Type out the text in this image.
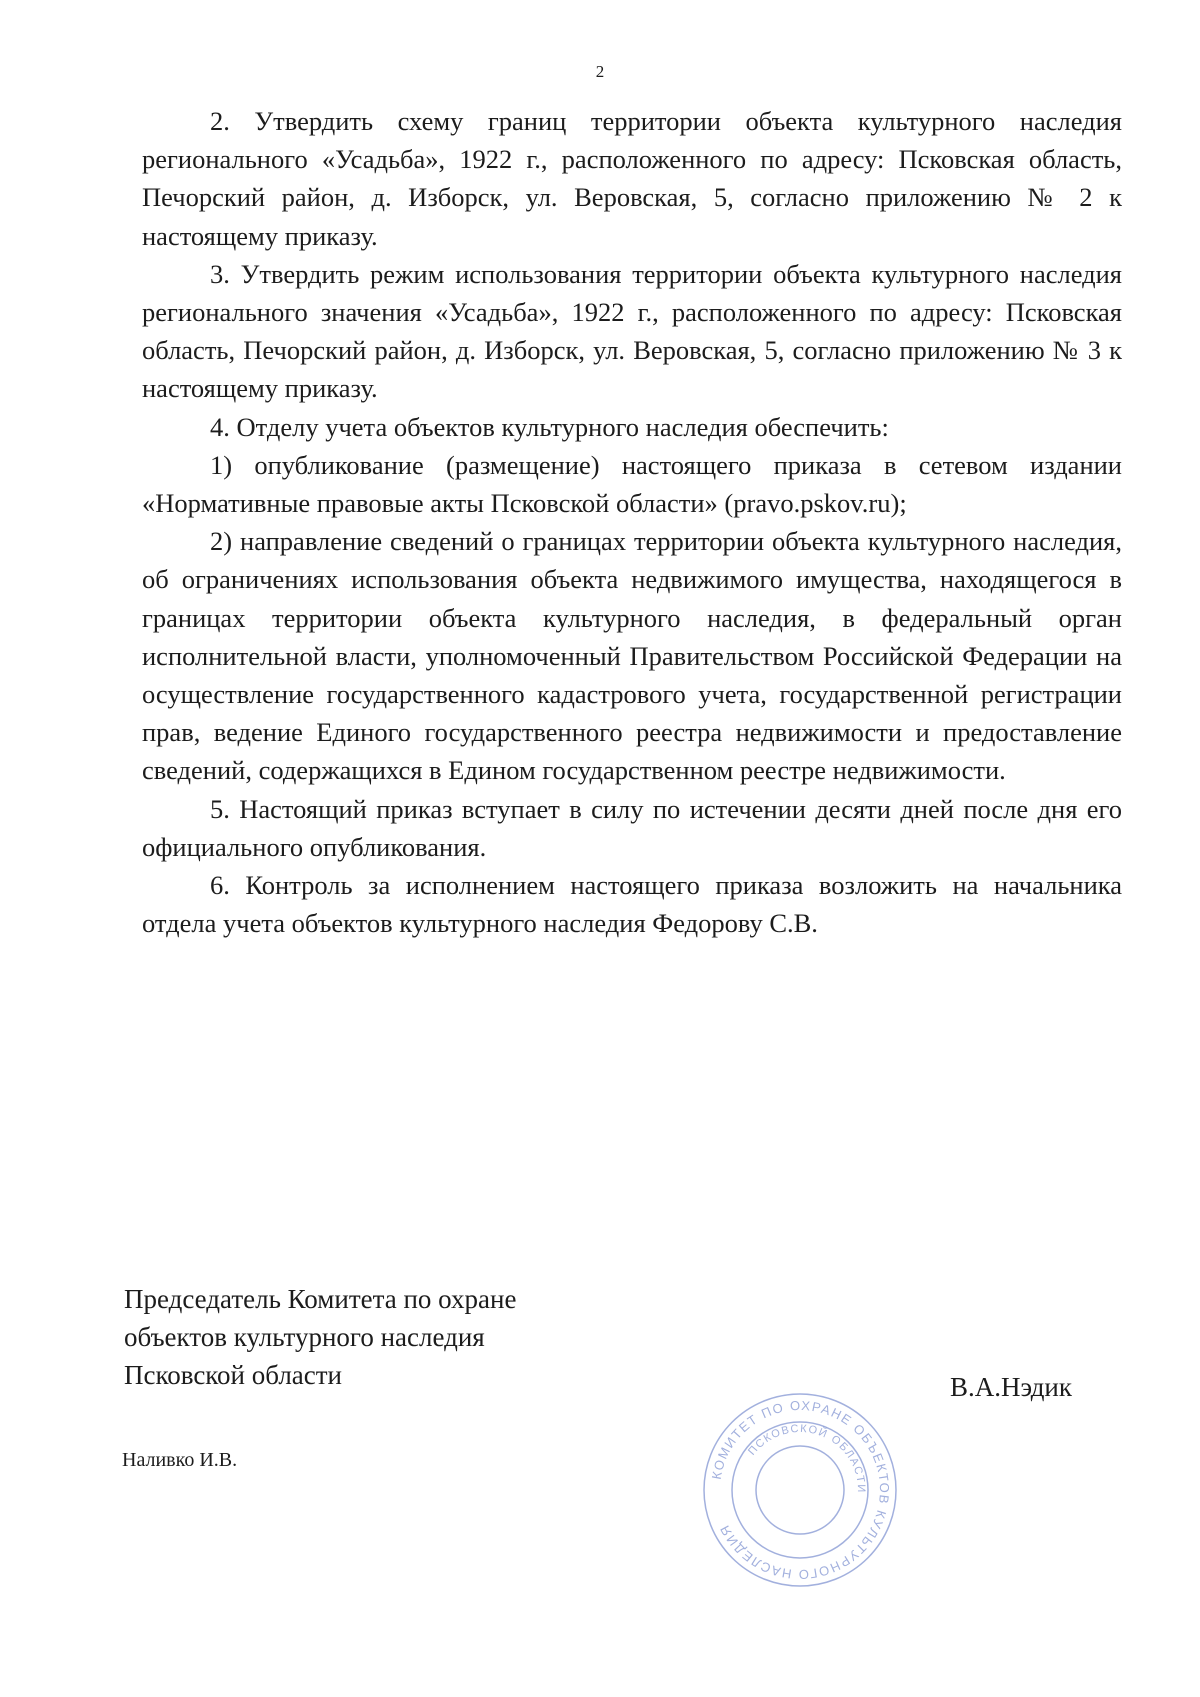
2

2. Утвердить схему границ территории объекта культурного наследия регионального «Усадьба», 1922 г., расположенного по адресу: Псковская область, Печорский район, д. Изборск, ул. Веровская, 5, согласно приложению № 2 к настоящему приказу.

3. Утвердить режим использования территории объекта культурного наследия регионального значения «Усадьба», 1922 г., расположенного по адресу: Псковская область, Печорский район, д. Изборск, ул. Веровская, 5, согласно приложению № 3 к настоящему приказу.

4. Отделу учета объектов культурного наследия обеспечить:

1) опубликование (размещение) настоящего приказа в сетевом издании «Нормативные правовые акты Псковской области» (pravo.pskov.ru);

2) направление сведений о границах территории объекта культурного наследия, об ограничениях использования объекта недвижимого имущества, находящегося в границах территории объекта культурного наследия, в федеральный орган исполнительной власти, уполномоченный Правительством Российской Федерации на осуществление государственного кадастрового учета, государственной регистрации прав, ведение Единого государственного реестра недвижимости и предоставление сведений, содержащихся в Едином государственном реестре недвижимости.

5. Настоящий приказ вступает в силу по истечении десяти дней после дня его официального опубликования.

6. Контроль за исполнением настоящего приказа возложить на начальника отдела учета объектов культурного наследия Федорову С.В.

Председатель Комитета по охране
объектов культурного наследия
Псковской области	В.А.Нэдик
Наливко И.В.
КОМИТЕТ ПО ОХРАНЕ ОБЪЕКТОВ КУЛЬТУРНОГО НАСЛЕДИЯ
ПСКОВСКОЙ ОБЛАСТИ
